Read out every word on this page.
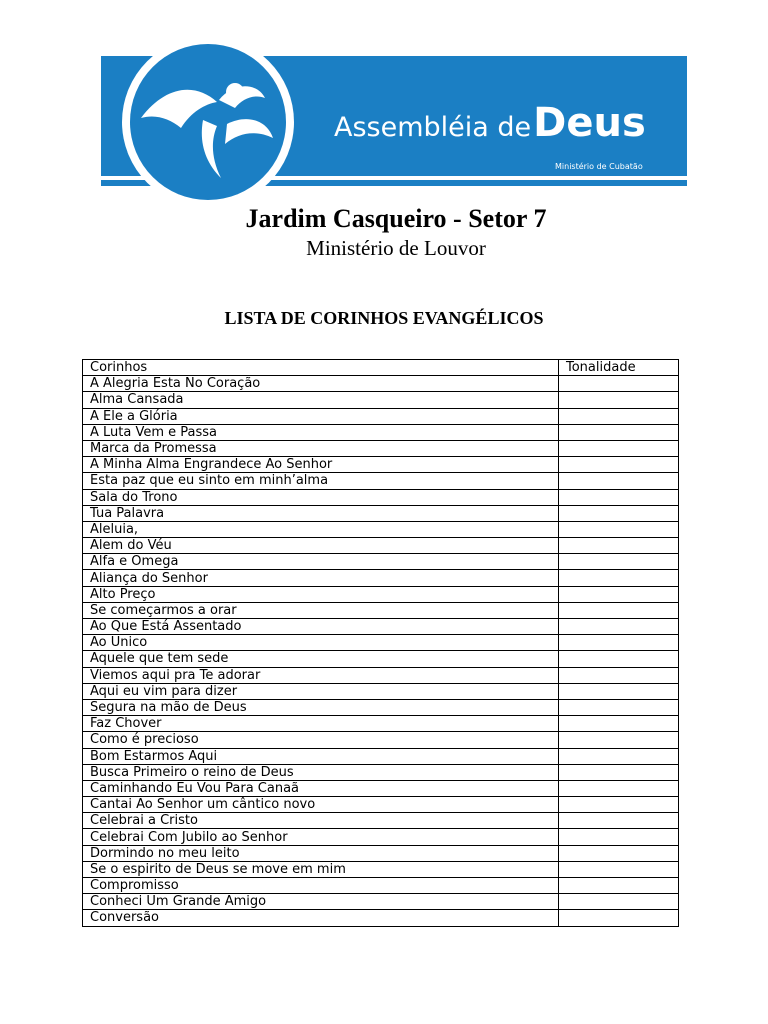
Assembléia deDeus
Ministério de Cubatão
Jardim Casqueiro - Setor 7
Ministério de Louvor
LISTA DE CORINHOS EVANGÉLICOS
Corinhos	Tonalidade
A Alegria Esta No Coração	
Alma Cansada	
A Ele a Glória	
A Luta Vem e Passa	
Marca da Promessa	
A Minha Alma Engrandece Ao Senhor	
Esta paz que eu sinto em minh’alma	
Sala do Trono	
Tua Palavra	
Aleluia,	
Alem do Véu	
Alfa e Omega	
Aliança do Senhor	
Alto Preço	
Se começarmos a orar	
Ao Que Está Assentado	
Ao Único	
Aquele que tem sede	
Viemos aqui pra Te adorar	
Aqui eu vim para dizer	
Segura na mão de Deus	
Faz Chover	
Como é precioso	
Bom Estarmos Aqui	
Busca Primeiro o reino de Deus	
Caminhando Eu Vou Para Canaã	
Cantai Ao Senhor um cântico novo	
Celebrai a Cristo	
Celebrai Com Jubilo ao Senhor	
Dormindo no meu leito	
Se o espirito de Deus se move em mim	
Compromisso	
Conheci Um Grande Amigo	
Conversão	
